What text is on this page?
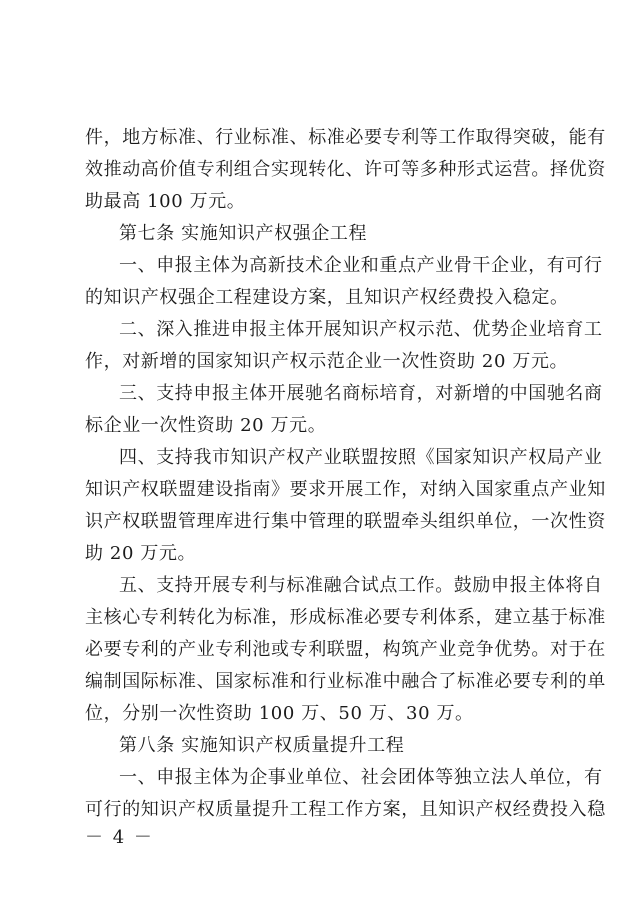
件，地方标准、行业标准、标准必要专利等工作取得突破，能有
效推动高价值专利组合实现转化、许可等多种形式运营。择优资
助最高 100 万元。
第七条 实施知识产权强企工程
一、申报主体为高新技术企业和重点产业骨干企业，有可行
的知识产权强企工程建设方案，且知识产权经费投入稳定。
二、深入推进申报主体开展知识产权示范、优势企业培育工
作，对新增的国家知识产权示范企业一次性资助 20 万元。
三、支持申报主体开展驰名商标培育，对新增的中国驰名商
标企业一次性资助 20 万元。
四、支持我市知识产权产业联盟按照《国家知识产权局产业
知识产权联盟建设指南》要求开展工作，对纳入国家重点产业知
识产权联盟管理库进行集中管理的联盟牵头组织单位，一次性资
助 20 万元。
五、支持开展专利与标准融合试点工作。鼓励申报主体将自
主核心专利转化为标准，形成标准必要专利体系，建立基于标准
必要专利的产业专利池或专利联盟，构筑产业竞争优势。对于在
编制国际标准、国家标准和行业标准中融合了标准必要专利的单
位，分别一次性资助 100 万、50 万、30 万。
第八条 实施知识产权质量提升工程
一、申报主体为企事业单位、社会团体等独立法人单位，有
可行的知识产权质量提升工程工作方案，且知识产权经费投入稳
－ 4 －
